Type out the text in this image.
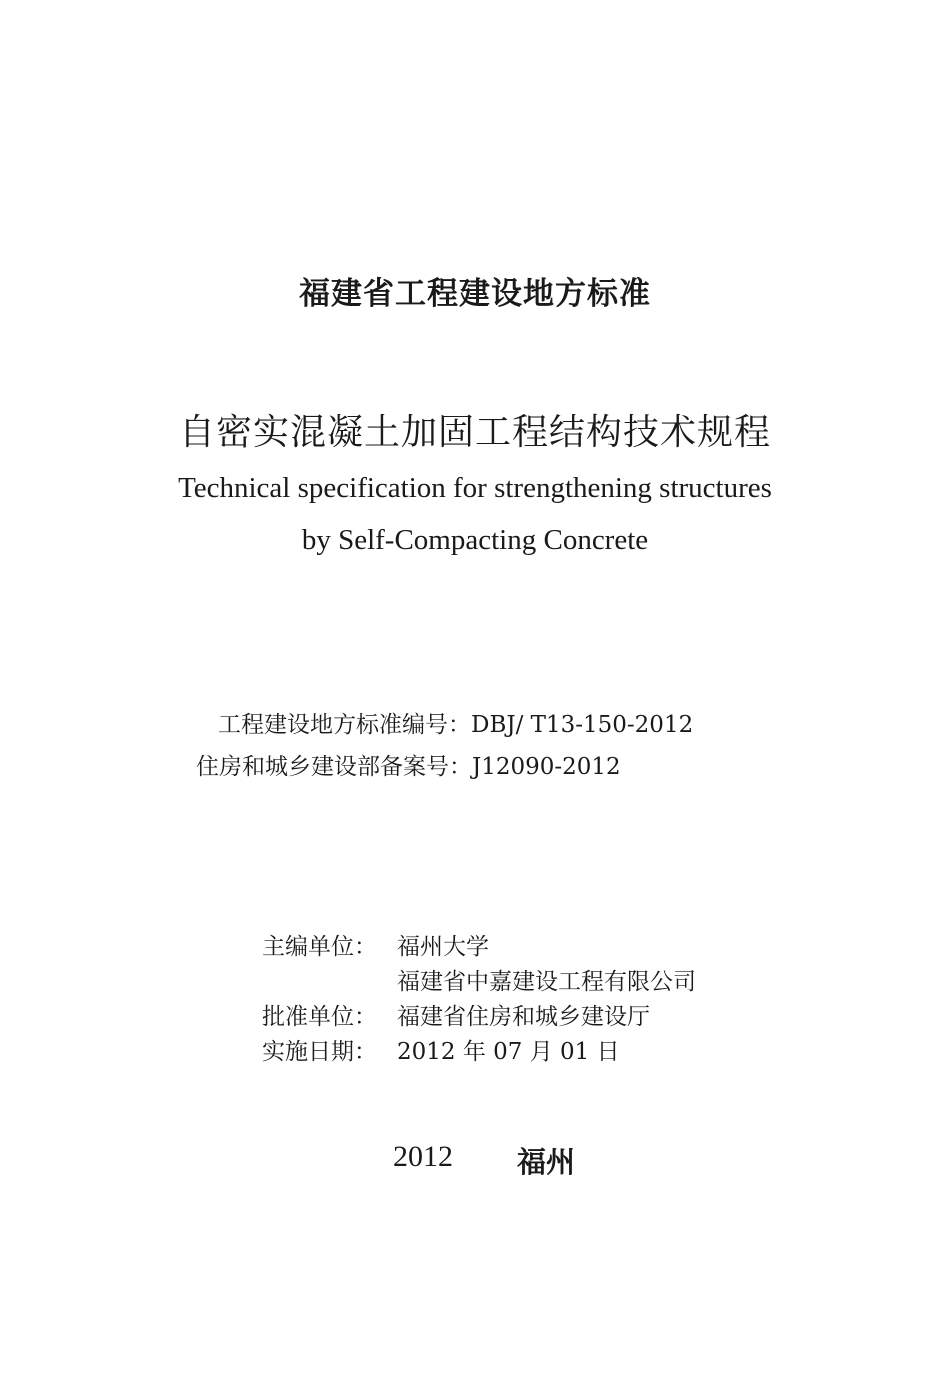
福建省工程建设地方标准
自密实混凝土加固工程结构技术规程
Technical specification for strengthening structures
by Self-Compacting Concrete
工程建设地方标准编号：DBJ/ T13-150-2012
住房和城乡建设部备案号：J12090-2012
主编单位： 福州大学
福建省中嘉建设工程有限公司
批准单位： 福建省住房和城乡建设厅
实施日期： 2012 年 07 月 01 日
2012 福州
